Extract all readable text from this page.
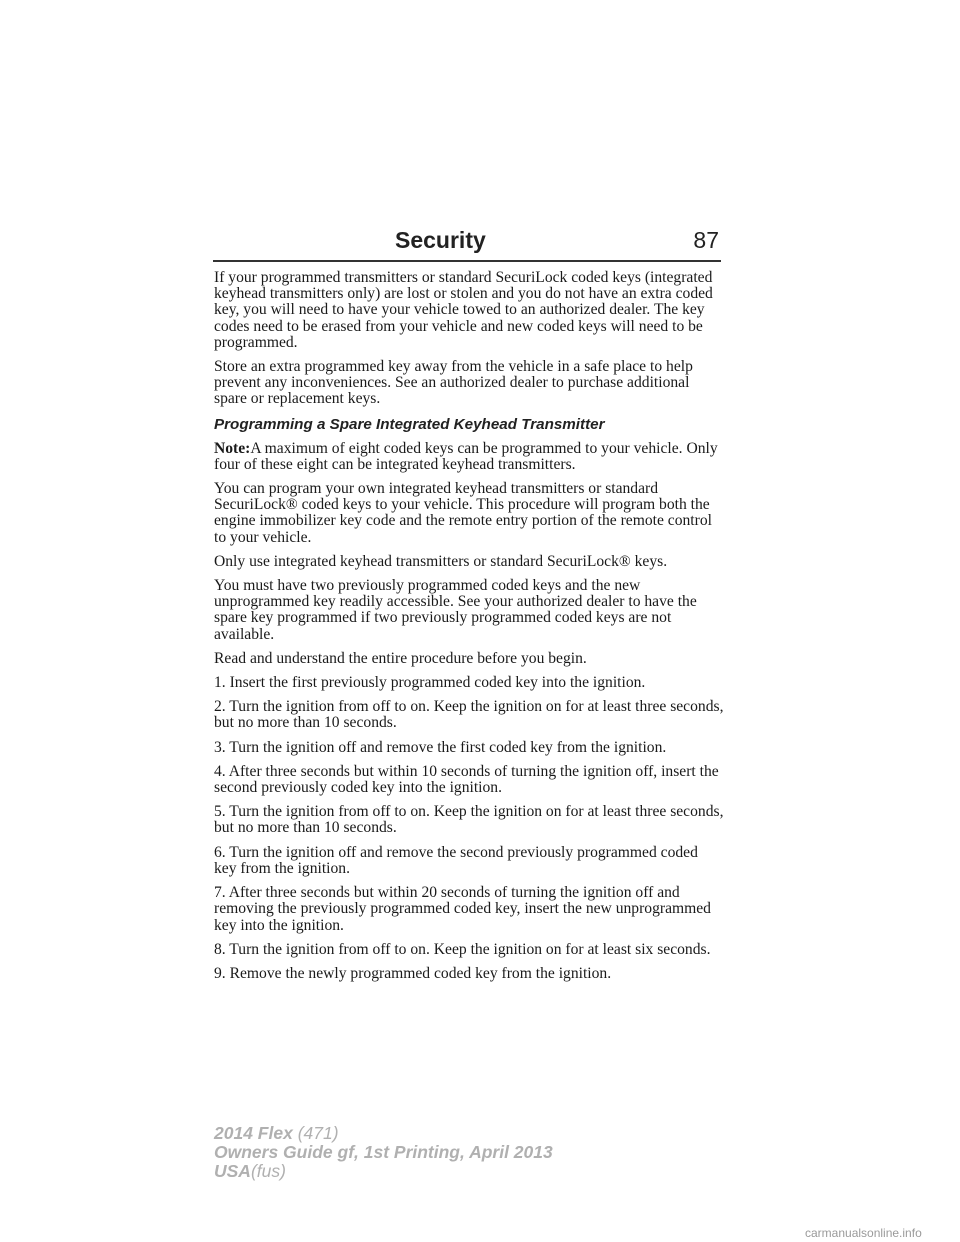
Security	87

If your programmed transmitters or standard SecuriLock coded keys (integrated keyhead transmitters only) are lost or stolen and you do not have an extra coded key, you will need to have your vehicle towed to an authorized dealer. The key codes need to be erased from your vehicle and new coded keys will need to be programmed.

Store an extra programmed key away from the vehicle in a safe place to help prevent any inconveniences. See an authorized dealer to purchase additional spare or replacement keys.

Programming a Spare Integrated Keyhead Transmitter

Note:A maximum of eight coded keys can be programmed to your vehicle. Only four of these eight can be integrated keyhead transmitters.

You can program your own integrated keyhead transmitters or standard SecuriLock® coded keys to your vehicle. This procedure will program both the engine immobilizer key code and the remote entry portion of the remote control to your vehicle.

Only use integrated keyhead transmitters or standard SecuriLock® keys.

You must have two previously programmed coded keys and the new unprogrammed key readily accessible. See your authorized dealer to have the spare key programmed if two previously programmed coded keys are not available.

Read and understand the entire procedure before you begin.

1. Insert the first previously programmed coded key into the ignition.

2. Turn the ignition from off to on. Keep the ignition on for at least three seconds, but no more than 10 seconds.

3. Turn the ignition off and remove the first coded key from the ignition.

4. After three seconds but within 10 seconds of turning the ignition off, insert the second previously coded key into the ignition.

5. Turn the ignition from off to on. Keep the ignition on for at least three seconds, but no more than 10 seconds.

6. Turn the ignition off and remove the second previously programmed coded key from the ignition.

7. After three seconds but within 20 seconds of turning the ignition off and removing the previously programmed coded key, insert the new unprogrammed key into the ignition.

8. Turn the ignition from off to on. Keep the ignition on for at least six seconds.

9. Remove the newly programmed coded key from the ignition.

2014 Flex (471)
Owners Guide gf, 1st Printing, April 2013
USA(fus)
carmanualsonline.info
